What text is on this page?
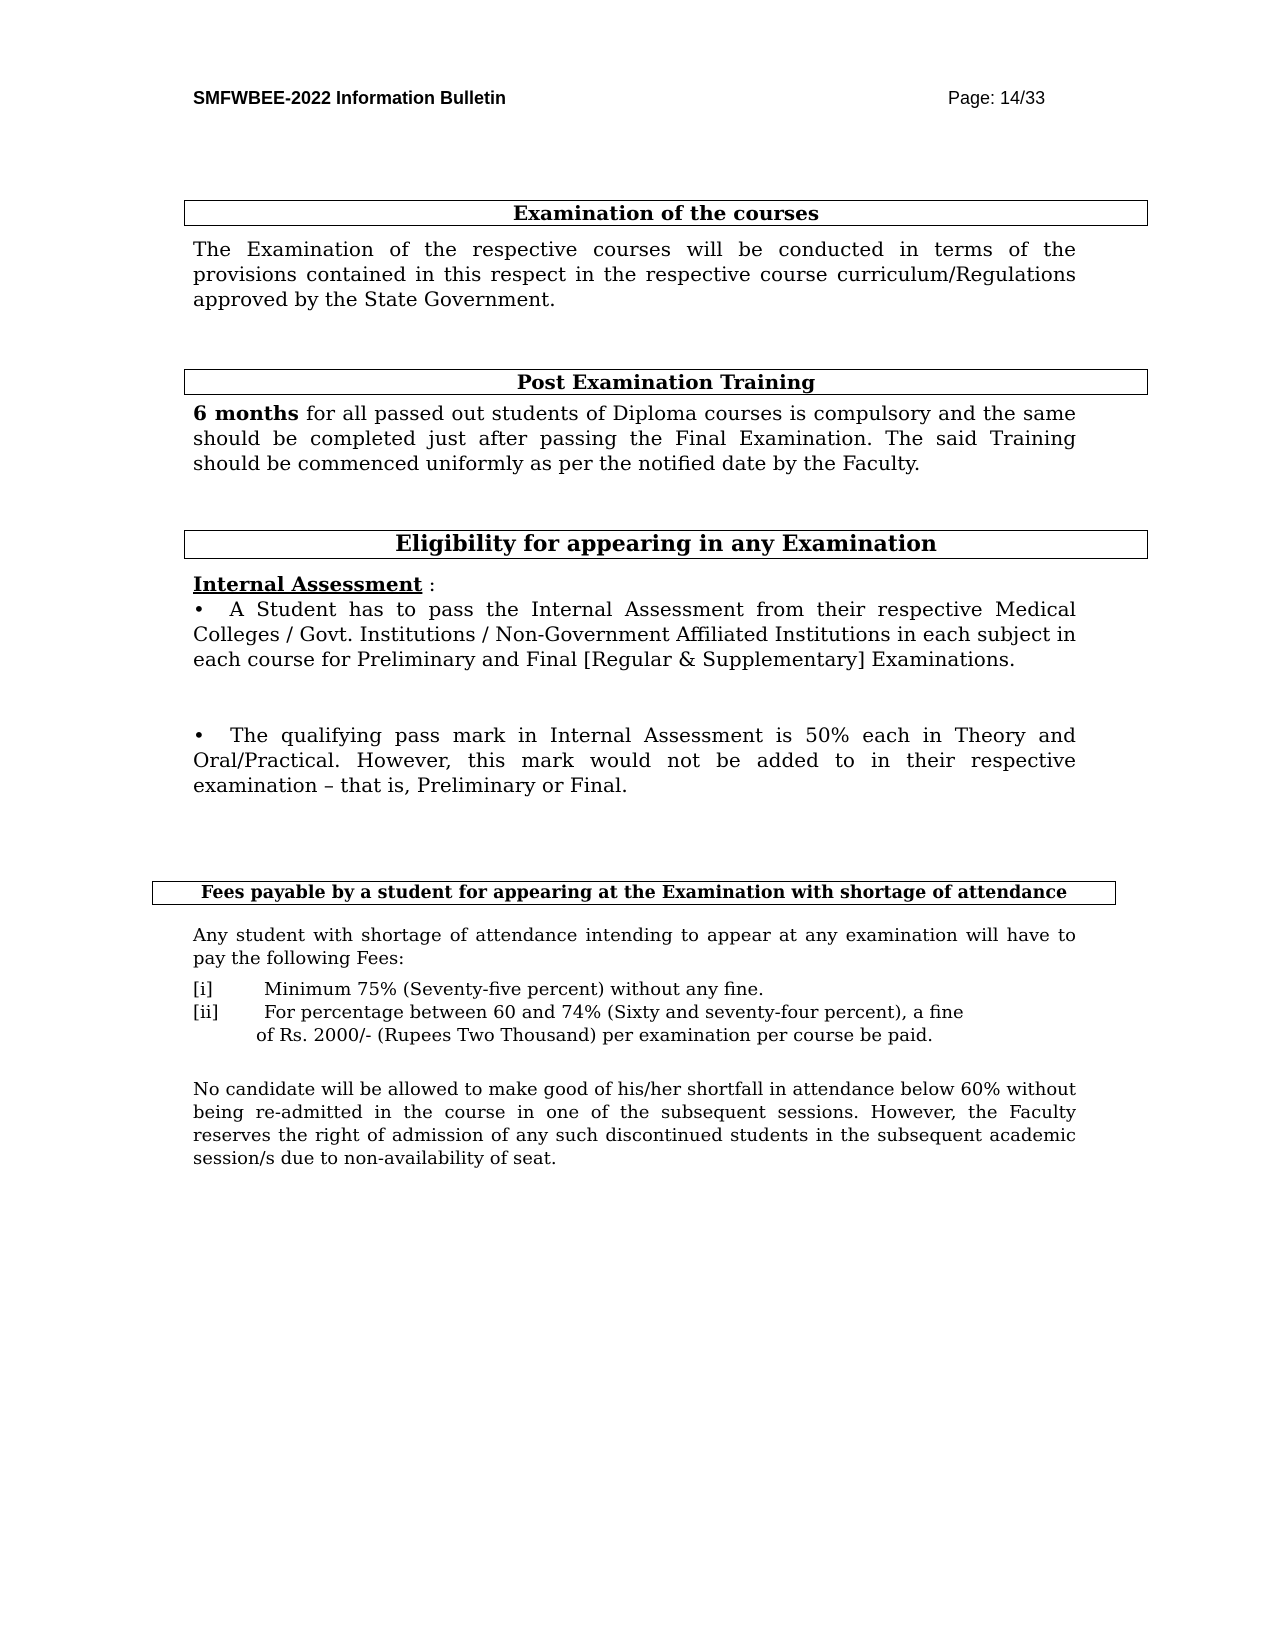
SMFWBEE-2022 Information Bulletin	Page: 14/33
Examination of the courses
The Examination of the respective courses will be conducted in terms of the provisions contained in this respect in the respective course curriculum/Regulations approved by the State Government.
Post Examination Training
6 months for all passed out students of Diploma courses is compulsory and the same should be completed just after passing the Final Examination. The said Training should be commenced uniformly as per the notified date by the Faculty.
Eligibility for appearing in any Examination
Internal Assessment :
•  A Student has to pass the Internal Assessment from their respective Medical Colleges / Govt. Institutions / Non-Government Affiliated Institutions in each subject in each course for Preliminary and Final [Regular & Supplementary] Examinations.
•  The qualifying pass mark in Internal Assessment is 50% each in Theory and Oral/Practical. However, this mark would not be added to in their respective examination – that is, Preliminary or Final.
Fees payable by a student for appearing at the Examination with shortage of attendance
Any student with shortage of attendance intending to appear at any examination will have to pay the following Fees:
[i]	Minimum 75% (Seventy-five percent) without any fine.
[ii]	For percentage between 60 and 74% (Sixty and seventy-four percent), a fine
of Rs. 2000/- (Rupees Two Thousand) per examination per course be paid.
No candidate will be allowed to make good of his/her shortfall in attendance below 60% without being re-admitted in the course in one of the subsequent sessions. However, the Faculty reserves the right of admission of any such discontinued students in the subsequent academic session/s due to non-availability of seat.
